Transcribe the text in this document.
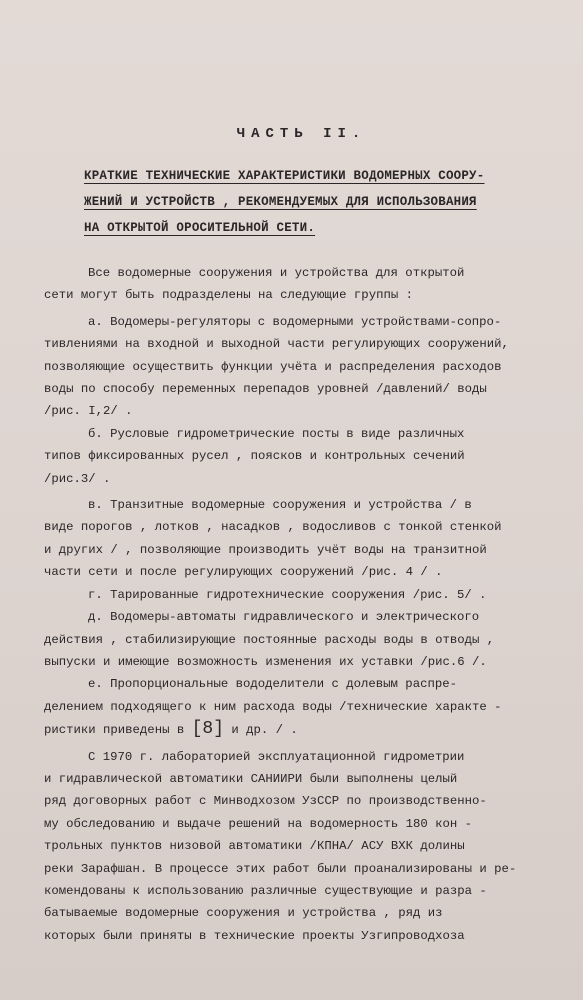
ЧАСТЬ II.
КРАТКИЕ ТЕХНИЧЕСКИЕ ХАРАКТЕРИСТИКИ ВОДОМЕРНЫХ СООРУ-
ЖЕНИЙ И УСТРОЙСТВ , РЕКОМЕНДУЕМЫХ ДЛЯ ИСПОЛЬЗОВАНИЯ
НА ОТКРЫТОЙ ОРОСИТЕЛЬНОЙ СЕТИ.

Все водомерные сооружения и устройства для открытой

сети могут быть подразделены на следующие группы :

а. Водомеры-регуляторы с водомерными устройствами-сопро-

тивлениями на входной и выходной части регулирующих сооружений,

позволяющие осуществить функции учёта и распределения расходов

воды по способу переменных перепадов уровней /давлений/ воды

/рис. I,2/ .

б. Русловые гидрометрические посты в виде различных

типов фиксированных русел , поясков и контрольных сечений

/рис.3/ .

в. Транзитные водомерные сооружения и устройства / в

виде порогов , лотков , насадков , водосливов с тонкой стенкой

и других / , позволяющие производить учёт воды на транзитной

части сети и после регулирующих сооружений /рис. 4 / .

г. Тарированные гидротехнические сооружения /рис. 5/ .

д. Водомеры-автоматы гидравлического и электрического

действия , стабилизирующие постоянные расходы воды в отводы ,

выпуски и имеющие возможность изменения их уставки /рис.6 /.

е. Пропорциональные вододелители с долевым распре-

делением подходящего к ним расхода воды /технические характе -

ристики приведены в [8] и др. / .

С 1970 г. лабораторией эксплуатационной гидрометрии

и гидравлической автоматики САНИИРИ были выполнены целый

ряд договорных работ с Минводхозом УзССР по производственно-

му обследованию и выдаче решений на водомерность 180 кон -

трольных пунктов низовой автоматики /КПНА/ АСУ ВХК долины

реки Зарафшан. В процессе этих работ были проанализированы и ре-

комендованы к использованию различные существующие и разра -

батываемые водомерные сооружения и устройства , ряд из

которых были приняты в технические проекты Узгипроводхоза
